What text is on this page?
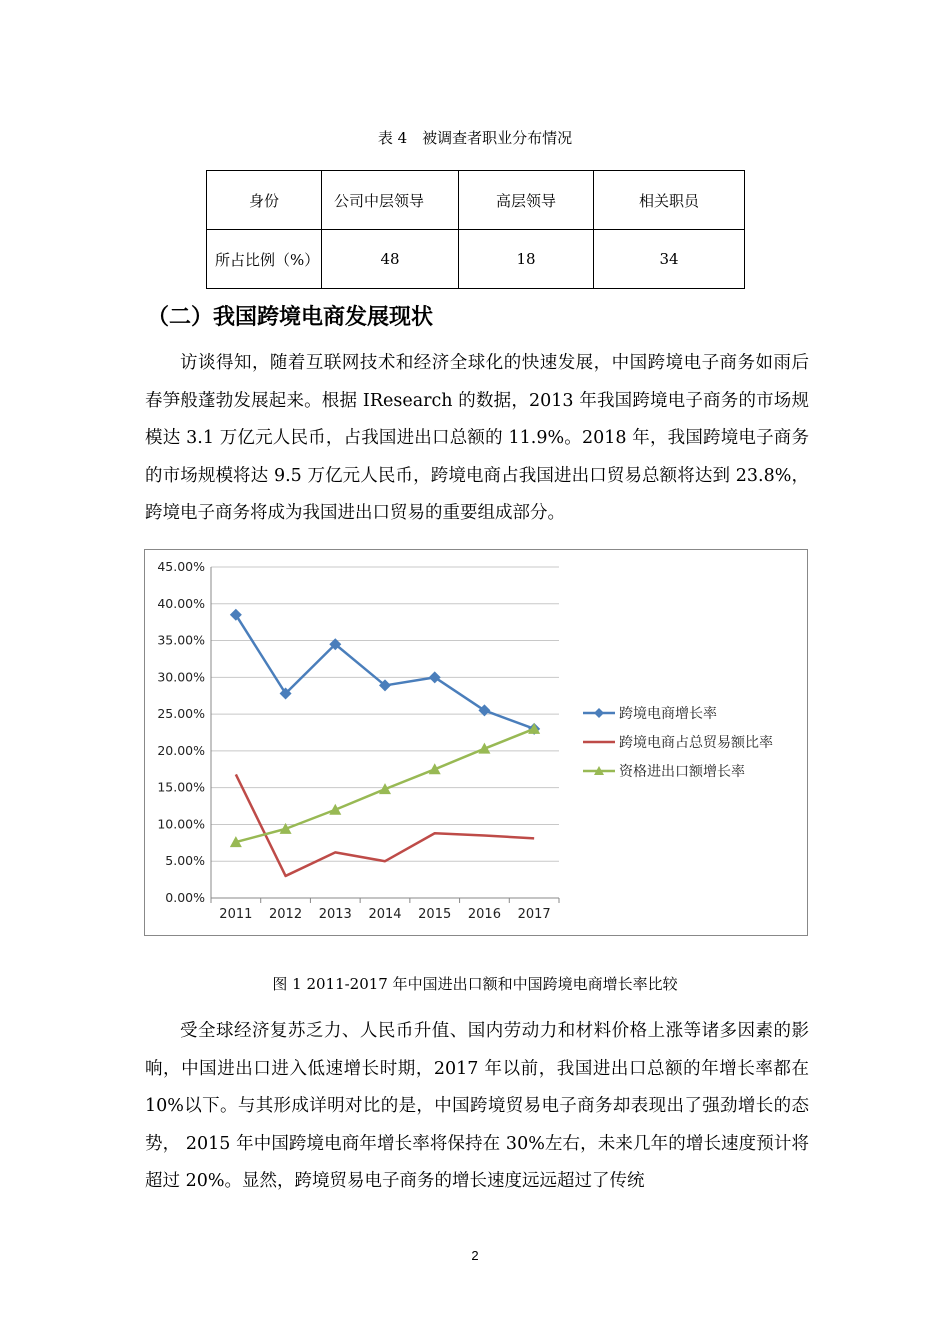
表 4　被调查者职业分布情况
身份	公司中层领导	高层领导	相关职员
所占比例（%）	48	18	34
（二）我国跨境电商发展现状

访谈得知，随着互联网技术和经济全球化的快速发展，中国跨境电子商务如雨后春笋般蓬勃发展起来。根据 IResearch 的数据，2013 年我国跨境电子商务的市场规模达 3.1 万亿元人民币，占我国进出口总额的 11.9%。2018 年，我国跨境电子商务的市场规模将达 9.5 万亿元人民币，跨境电商占我国进出口贸易总额将达到 23.8%，跨境电子商务将成为我国进出口贸易的重要组成部分。

0.00%
5.00%
10.00%
15.00%
20.00%
25.00%
30.00%
35.00%
40.00%
45.00%
2011 2012 2013 2014 2015 2016 2017
跨境电商增长率
跨境电商占总贸易额比率
资格进出口额增长率
图 1 2011-2017 年中国进出口额和中国跨境电商增长率比较

受全球经济复苏乏力、人民币升值、国内劳动力和材料价格上涨等诸多因素的影响，中国进出口进入低速增长时期，2017 年以前，我国进出口总额的年增长率都在 10%以下。与其形成详明对比的是，中国跨境贸易电子商务却表现出了强劲增长的态势， 2015 年中国跨境电商年增长率将保持在 30%左右，未来几年的增长速度预计将超过 20%。显然，跨境贸易电子商务的增长速度远远超过了传统

2
